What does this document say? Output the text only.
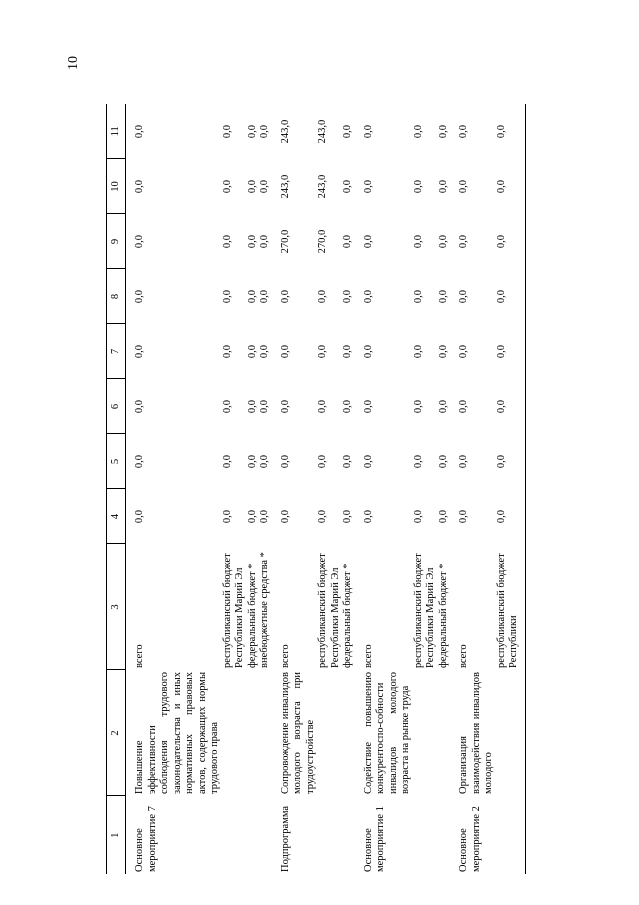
10
1	2	3	4	5	6	7	8	9	10	11
Основное мероприятие 7	Повышение эффективности соблюдения трудового законодательства и иных нормативных правовых актов, содержащих нормы трудового права	всего	0,0	0,0	0,0	0,0	0,0	0,0	0,0	0,0
		республиканский бюджет Республики Марий Эл	0,0	0,0	0,0	0,0	0,0	0,0	0,0	0,0
		федеральный бюджет *	0,0	0,0	0,0	0,0	0,0	0,0	0,0	0,0
		внебюджетные средства *	0,0	0,0	0,0	0,0	0,0	0,0	0,0	0,0
Подпрограмма	Сопровождение инвалидов молодого возраста при трудоустройстве	всего	0,0	0,0	0,0	0,0	0,0	270,0	243,0	243,0
		республиканский бюджет Республики Марий Эл	0,0	0,0	0,0	0,0	0,0	270,0	243,0	243,0
		федеральный бюджет *	0,0	0,0	0,0	0,0	0,0	0,0	0,0	0,0
Основное мероприятие 1	Содействие повышению конкурентоспо-собности инвалидов молодого возраста на рынке труда	всего	0,0	0,0	0,0	0,0	0,0	0,0	0,0	0,0
		республиканский бюджет Республики Марий Эл	0,0	0,0	0,0	0,0	0,0	0,0	0,0	0,0
		федеральный бюджет *	0,0	0,0	0,0	0,0	0,0	0,0	0,0	0,0
Основное мероприятие 2	Организация взаимодействия инвалидов молодого	всего	0,0	0,0	0,0	0,0	0,0	0,0	0,0	0,0
		республиканский бюджет Республики	0,0	0,0	0,0	0,0	0,0	0,0	0,0	0,0
